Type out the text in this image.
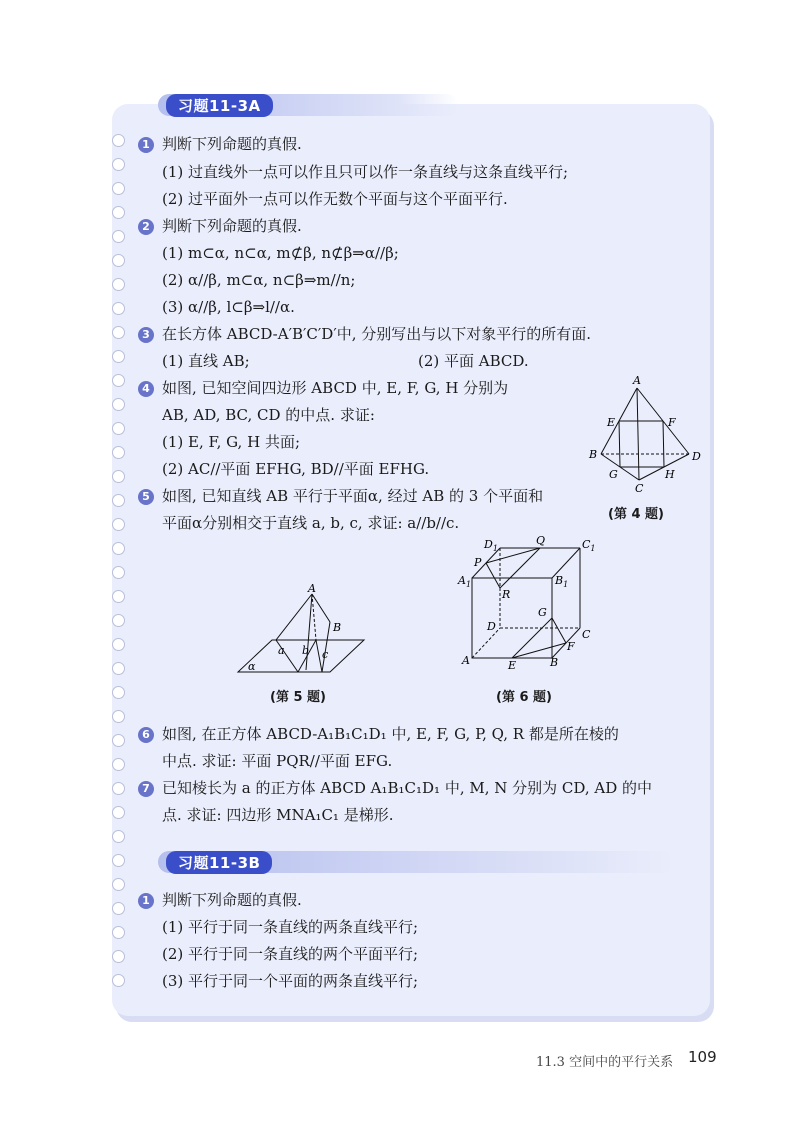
习题11-3A
1 判断下列命题的真假.
(1) 过直线外一点可以作且只可以作一条直线与这条直线平行;
(2) 过平面外一点可以作无数个平面与这个平面平行.
2 判断下列命题的真假.
(1) m⊂α, n⊂α, m⊄β, n⊄β⇒α//β;
(2) α//β, m⊂α, n⊂β⇒m//n;
(3) α//β, l⊂β⇒l//α.
3 在长方体 ABCD-A′B′C′D′中, 分别写出与以下对象平行的所有面.
(1) 直线 AB;	(2) 平面 ABCD.
4 如图, 已知空间四边形 ABCD 中, E, F, G, H 分别为
AB, AD, BC, CD 的中点. 求证:
(1) E, F, G, H 共面;
(2) AC//平面 EFHG, BD//平面 EFHG.
5 如图, 已知直线 AB 平行于平面α, 经过 AB 的 3 个平面和
平面α分别相交于直线 a, b, c, 求证: a//b//c.
A
E	F
B	D
G	H
C
(第 4 题)
A
B
a b c
α
(第 5 题)
$D_1$
Q	$C_1$
P
$A_1$	$B_1$
R
G
D
C
F
A	E	B
(第 6 题)
6 如图, 在正方体 ABCD-A₁B₁C₁D₁ 中, E, F, G, P, Q, R 都是所在棱的
中点. 求证: 平面 PQR//平面 EFG.
7 已知棱长为 a 的正方体 ABCD A₁B₁C₁D₁ 中, M, N 分别为 CD, AD 的中
点. 求证: 四边形 MNA₁C₁ 是梯形.
习题11-3B
1 判断下列命题的真假.
(1) 平行于同一条直线的两条直线平行;
(2) 平行于同一条直线的两个平面平行;
(3) 平行于同一个平面的两条直线平行;
11.3 空间中的平行关系 109
